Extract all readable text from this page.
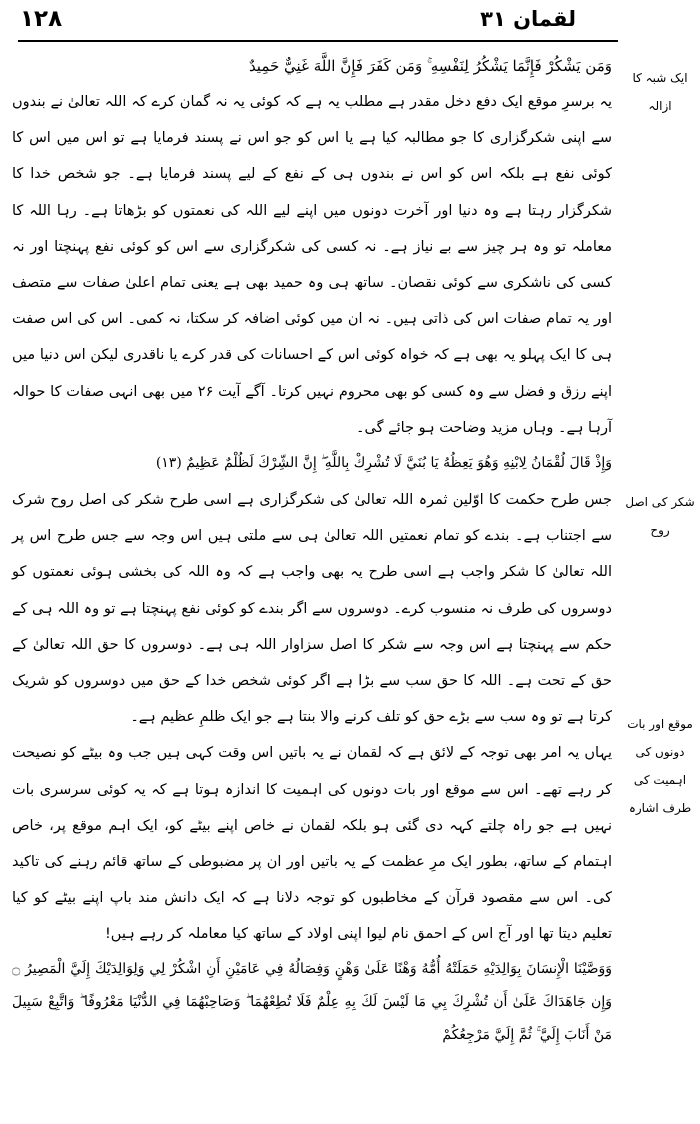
١٢٨	لقمان ٣١
ایک شبہ کا ازالہ
شکر کی اصل روح
موقع اور بات دونوں کی اہمیت کی طرف اشارہ

وَمَن يَشْكُرْ فَإِنَّمَا يَشْكُرُ لِنَفْسِهِ ۚ وَمَن كَفَرَ فَإِنَّ اللَّهَ غَنِيٌّ حَمِيدٌ

یہ برسرِ موقع ایک دفع دخل مقدر ہے مطلب یہ ہے کہ کوئی یہ نہ گمان کرے کہ اللہ تعالیٰ نے بندوں سے اپنی شکرگزاری کا جو مطالبہ کیا ہے یا اس کو جو اس نے پسند فرمایا ہے تو اس میں اس کا کوئی نفع ہے بلکہ اس کو اس نے بندوں ہی کے نفع کے لیے پسند فرمایا ہے۔ جو شخص خدا کا شکرگزار رہتا ہے وہ دنیا اور آخرت دونوں میں اپنے لیے اللہ کی نعمتوں کو بڑھاتا ہے۔ رہا اللہ کا معاملہ تو وہ ہر چیز سے بے نیاز ہے۔ نہ کسی کی شکرگزاری سے اس کو کوئی نفع پہنچتا اور نہ کسی کی ناشکری سے کوئی نقصان۔ ساتھ ہی وہ حمید بھی ہے یعنی تمام اعلیٰ صفات سے متصف اور یہ تمام صفات اس کی ذاتی ہیں۔ نہ ان میں کوئی اضافہ کر سکتا، نہ کمی۔ اس کی اس صفت ہی کا ایک پہلو یہ بھی ہے کہ خواہ کوئی اس کے احسانات کی قدر کرے یا ناقدری لیکن اس دنیا میں اپنے رزق و فضل سے وہ کسی کو بھی محروم نہیں کرتا۔ آگے آیت ۲۶ میں بھی انہی صفات کا حوالہ آرہا ہے۔ وہاں مزید وضاحت ہو جائے گی۔

وَإِذْ قَالَ لُقْمَانُ لِابْنِهِ وَهُوَ يَعِظُهُ يَا بُنَيَّ لَا تُشْرِكْ بِاللَّهِ ۖ إِنَّ الشِّرْكَ لَظُلْمٌ عَظِيمٌ (١٣)

جس طرح حکمت کا اوّلین ثمرہ اللہ تعالیٰ کی شکرگزاری ہے اسی طرح شکر کی اصل روح شرک سے اجتناب ہے۔ بندے کو تمام نعمتیں اللہ تعالیٰ ہی سے ملتی ہیں اس وجہ سے جس طرح اس پر اللہ تعالیٰ کا شکر واجب ہے اسی طرح یہ بھی واجب ہے کہ وہ اللہ کی بخشی ہوئی نعمتوں کو دوسروں کی طرف نہ منسوب کرے۔ دوسروں سے اگر بندے کو کوئی نفع پہنچتا ہے تو وہ اللہ ہی کے حکم سے پہنچتا ہے اس وجہ سے شکر کا اصل سزاوار اللہ ہی ہے۔ دوسروں کا حق اللہ تعالیٰ کے حق کے تحت ہے۔ اللہ کا حق سب سے بڑا ہے اگر کوئی شخص خدا کے حق میں دوسروں کو شریک کرتا ہے تو وہ سب سے بڑے حق کو تلف کرنے والا بنتا ہے جو ایک ظلمِ عظیم ہے۔

یہاں یہ امر بھی توجہ کے لائق ہے کہ لقمان نے یہ باتیں اس وقت کہی ہیں جب وہ بیٹے کو نصیحت کر رہے تھے۔ اس سے موقع اور بات دونوں کی اہمیت کا اندازہ ہوتا ہے کہ یہ کوئی سرسری بات نہیں ہے جو راہ چلتے کہہ دی گئی ہو بلکہ لقمان نے خاص اپنے بیٹے کو، ایک اہم موقع پر، خاص اہتمام کے ساتھ، بطور ایک مرِ عظمت کے یہ باتیں اور ان پر مضبوطی کے ساتھ قائم رہنے کی تاکید کی۔ اس سے مقصود قرآن کے مخاطبوں کو توجہ دلانا ہے کہ ایک دانش مند باپ اپنے بیٹے کو کیا تعلیم دیتا تھا اور آج اس کے احمق نام لیوا اپنی اولاد کے ساتھ کیا معاملہ کر رہے ہیں!

وَوَصَّيْنَا الْإِنسَانَ بِوَالِدَيْهِ حَمَلَتْهُ أُمُّهُ وَهْنًا عَلَىٰ وَهْنٍ وَفِصَالُهُ فِي عَامَيْنِ أَنِ اشْكُرْ لِي وَلِوَالِدَيْكَ إِلَيَّ الْمَصِيرُ ۝ وَإِن جَاهَدَاكَ عَلَىٰ أَن تُشْرِكَ بِي مَا لَيْسَ لَكَ بِهِ عِلْمٌ فَلَا تُطِعْهُمَا ۖ وَصَاحِبْهُمَا فِي الدُّنْيَا مَعْرُوفًا ۖ وَاتَّبِعْ سَبِيلَ مَنْ أَنَابَ إِلَيَّ ۚ ثُمَّ إِلَيَّ مَرْجِعُكُمْ
